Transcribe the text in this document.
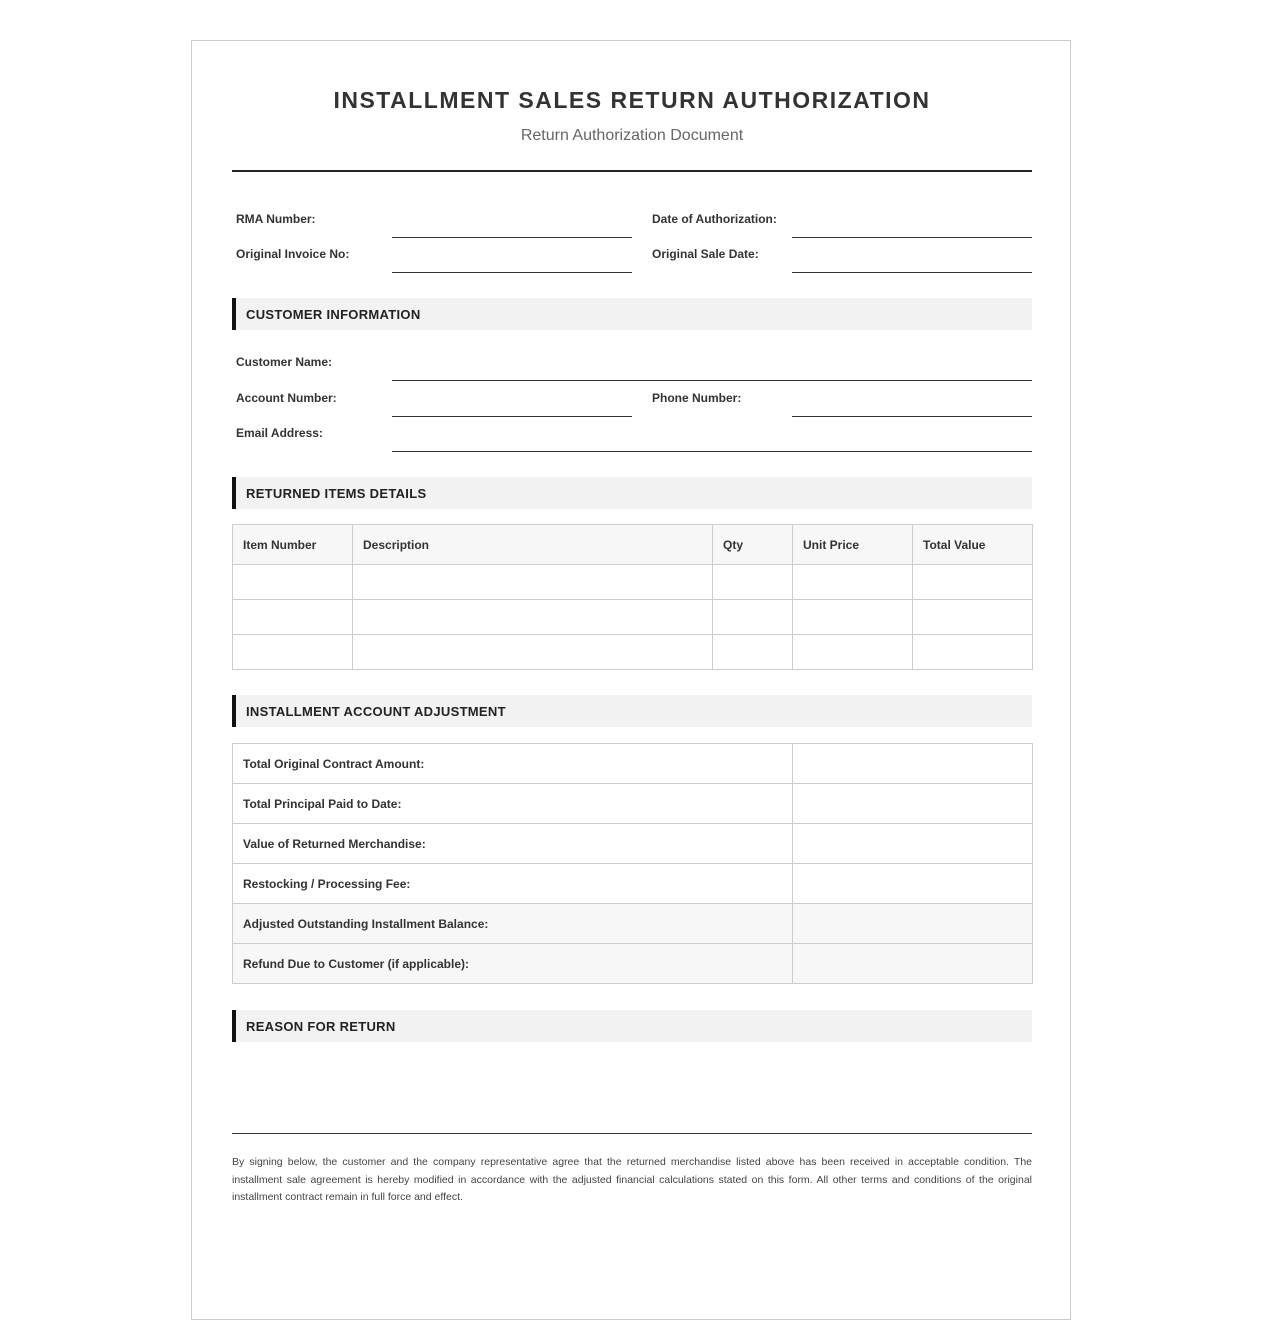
INSTALLMENT SALES RETURN AUTHORIZATION
Return Authorization Document
RMA Number:	Date of Authorization:
Original Invoice No:	Original Sale Date:
CUSTOMER INFORMATION
Customer Name:
Account Number:	Phone Number:
Email Address:
RETURNED ITEMS DETAILS
Item Number	Description	Qty	Unit Price	Total Value

INSTALLMENT ACCOUNT ADJUSTMENT
Total Original Contract Amount:	
Total Principal Paid to Date:	
Value of Returned Merchandise:	
Restocking / Processing Fee:	
Adjusted Outstanding Installment Balance:	
Refund Due to Customer (if applicable):	
REASON FOR RETURN
By signing below, the customer and the company representative agree that the returned merchandise listed above has been received in acceptable condition. The installment sale agreement is hereby modified in accordance with the adjusted financial calculations stated on this form. All other terms and conditions of the original installment contract remain in full force and effect.
